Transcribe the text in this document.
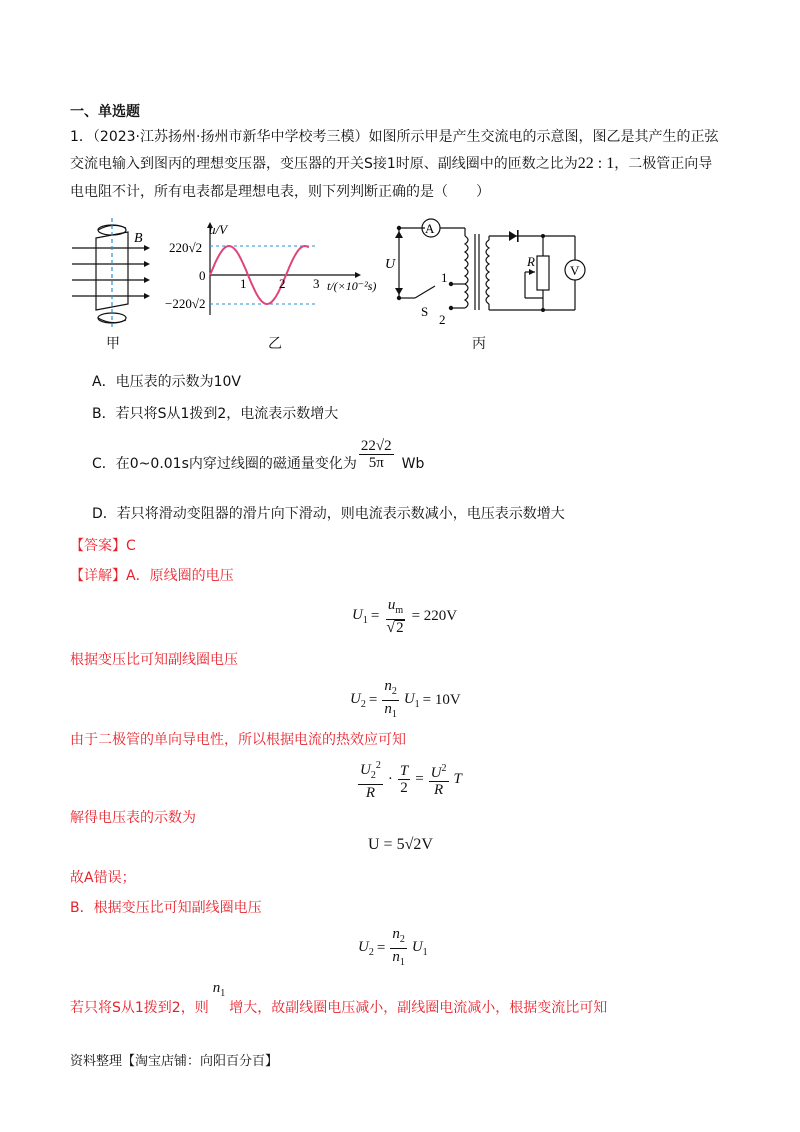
一、单选题
1．（2023·江苏扬州·扬州市新华中学校考三模）如图所示甲是产生交流电的示意图，图乙是其产生的正弦
交流电输入到图丙的理想变压器，变压器的开关S接1时原、副线圈中的匝数之比为22 : 1，二极管正向导
电电阻不计，所有电表都是理想电表，则下列判断正确的是（　　）
B
甲
u/V
220√2
−220√2
0
1	2 3 t/(×10⁻²s)
乙
A
V
U	R
S
1
2
丙
A．电压表的示数为10V
B．若只将S从1拨到2，电流表示数增大
C．在0~0.01s内穿过线圈的磁通量变化为 $\frac{22√2}{5\pi}$ Wb
D．若只将滑动变阻器的滑片向下滑动，则电流表示数减小，电压表示数增大
【答案】C
【详解】A．原线圈的电压
$U_1 = \frac{u_m}{√ 2} = 220V$
根据变压比可知副线圈电压
$U_2 = \frac{n_2}{n_1} U_1 = 10V$
由于二极管的单向导电性，所以根据电流的热效应可知
$\frac{U_2^2}{R} \cdot \frac{T}{2} = \frac{U^2}{R}$ T
解得电压表的示数为
U = 5√2V
故A错误；
B．根据变压比可知副线圈电压
$U_2 = \frac{n_2}{n_1} U_1$
若只将S从1拨到2，则
$n_1$
增大，故副线圈电压减小，副线圈电流减小，根据变流比可知
资料整理【淘宝店铺：向阳百分百】
